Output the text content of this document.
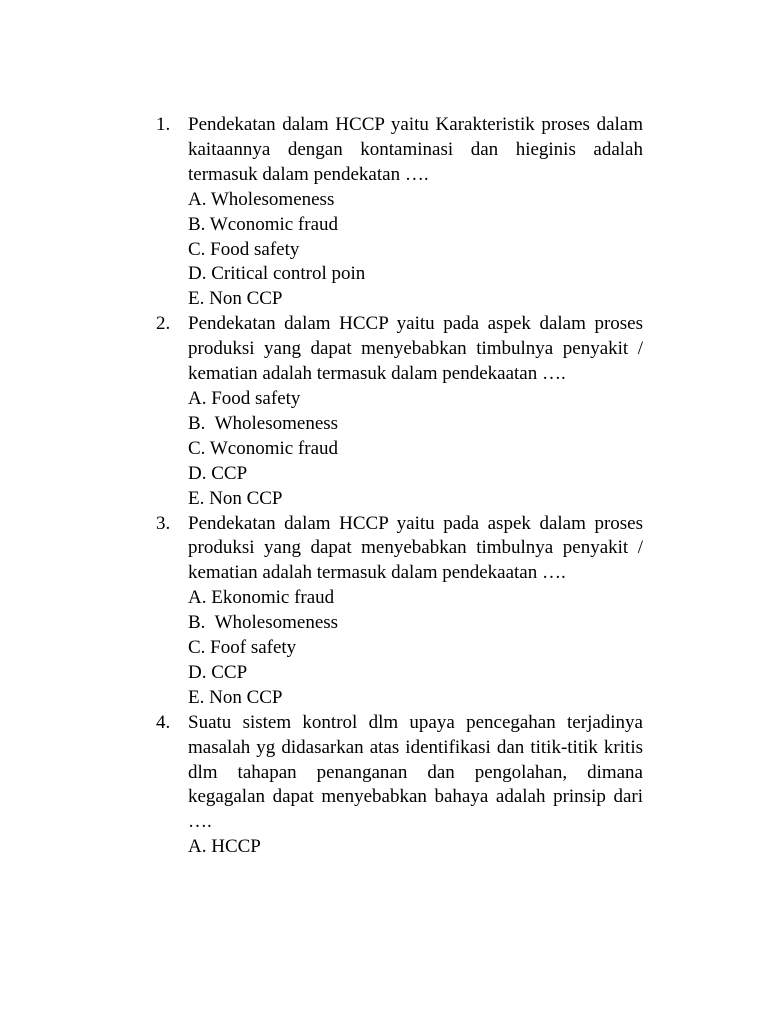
1. Pendekatan dalam HCCP yaitu Karakteristik proses dalam kaitaannya dengan kontaminasi dan hieginis adalah termasuk dalam pendekatan ….

A. Wholesomeness
B. Wconomic fraud
C. Food safety
D. Critical control poin
E. Non CCP
2. Pendekatan dalam HCCP yaitu pada aspek dalam proses produksi yang dapat menyebabkan timbulnya penyakit / kematian adalah termasuk dalam pendekaatan ….

A. Food safety
B.  Wholesomeness
C. Wconomic fraud
D. CCP
E. Non CCP
3. Pendekatan dalam HCCP yaitu pada aspek dalam proses produksi yang dapat menyebabkan timbulnya penyakit / kematian adalah termasuk dalam pendekaatan ….

A. Ekonomic fraud
B.  Wholesomeness
C. Foof safety
D. CCP
E. Non CCP
4. Suatu sistem kontrol dlm upaya pencegahan terjadinya masalah yg didasarkan atas identifikasi dan titik-titik kritis dlm tahapan penanganan dan pengolahan, dimana kegagalan dapat menyebabkan bahaya adalah prinsip dari ….

A. HCCP
